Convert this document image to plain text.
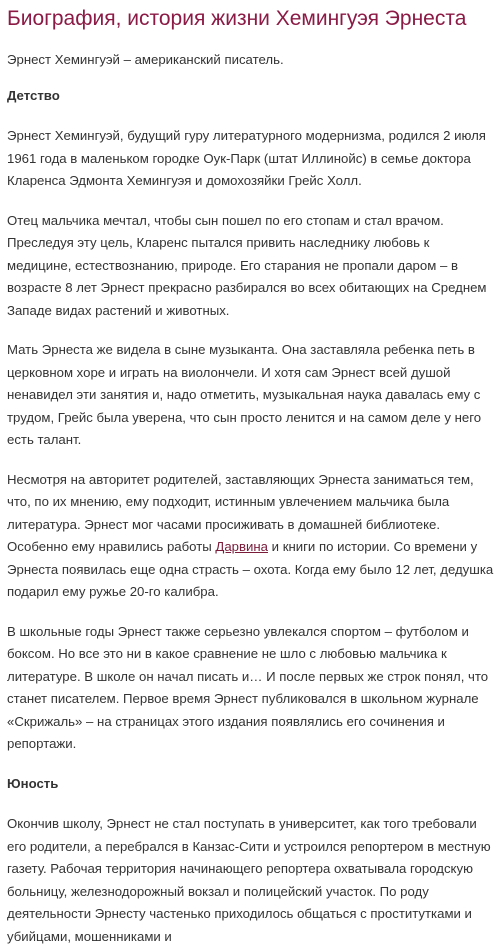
Биография, история жизни Хемингуэя Эрнеста

Эрнест Хемингуэй – американский писатель.

Детство

Эрнест Хемингуэй, будущий гуру литературного модернизма, родился 2 июля 1961 года в маленьком городке Оук-Парк (штат Иллинойс) в семье доктора Кларенса Эдмонта Хемингуэя и домохозяйки Грейс Холл.

Отец мальчика мечтал, чтобы сын пошел по его стопам и стал врачом. Преследуя эту цель, Кларенс пытался привить наследнику любовь к медицине, естествознанию, природе. Его старания не пропали даром – в возрасте 8 лет Эрнест прекрасно разбирался во всех обитающих на Среднем Западе видах растений и животных.

Мать Эрнеста же видела в сыне музыканта. Она заставляла ребенка петь в церковном хоре и играть на виолончели. И хотя сам Эрнест всей душой ненавидел эти занятия и, надо отметить, музыкальная наука давалась ему с трудом, Грейс была уверена, что сын просто ленится и на самом деле у него есть талант.

Несмотря на авторитет родителей, заставляющих Эрнеста заниматься тем, что, по их мнению, ему подходит, истинным увлечением мальчика была литература. Эрнест мог часами просиживать в домашней библиотеке. Особенно ему нравились работы Дарвина и книги по истории. Со времени у Эрнеста появилась еще одна страсть – охота. Когда ему было 12 лет, дедушка подарил ему ружье 20-го калибра.

В школьные годы Эрнест также серьезно увлекался спортом – футболом и боксом. Но все это ни в какое сравнение не шло с любовью мальчика к литературе. В школе он начал писать и… И после первых же строк понял, что станет писателем. Первое время Эрнест публиковался в школьном журнале «Скрижаль» – на страницах этого издания появлялись его сочинения и репортажи.

Юность

Окончив школу, Эрнест не стал поступать в университет, как того требовали его родители, а перебрался в Канзас-Сити и устроился репортером в местную газету. Рабочая территория начинающего репортера охватывала городскую больницу, железнодорожный вокзал и полицейский участок. По роду деятельности Эрнесту частенько приходилось общаться с проститутками и убийцами, мошенниками и
